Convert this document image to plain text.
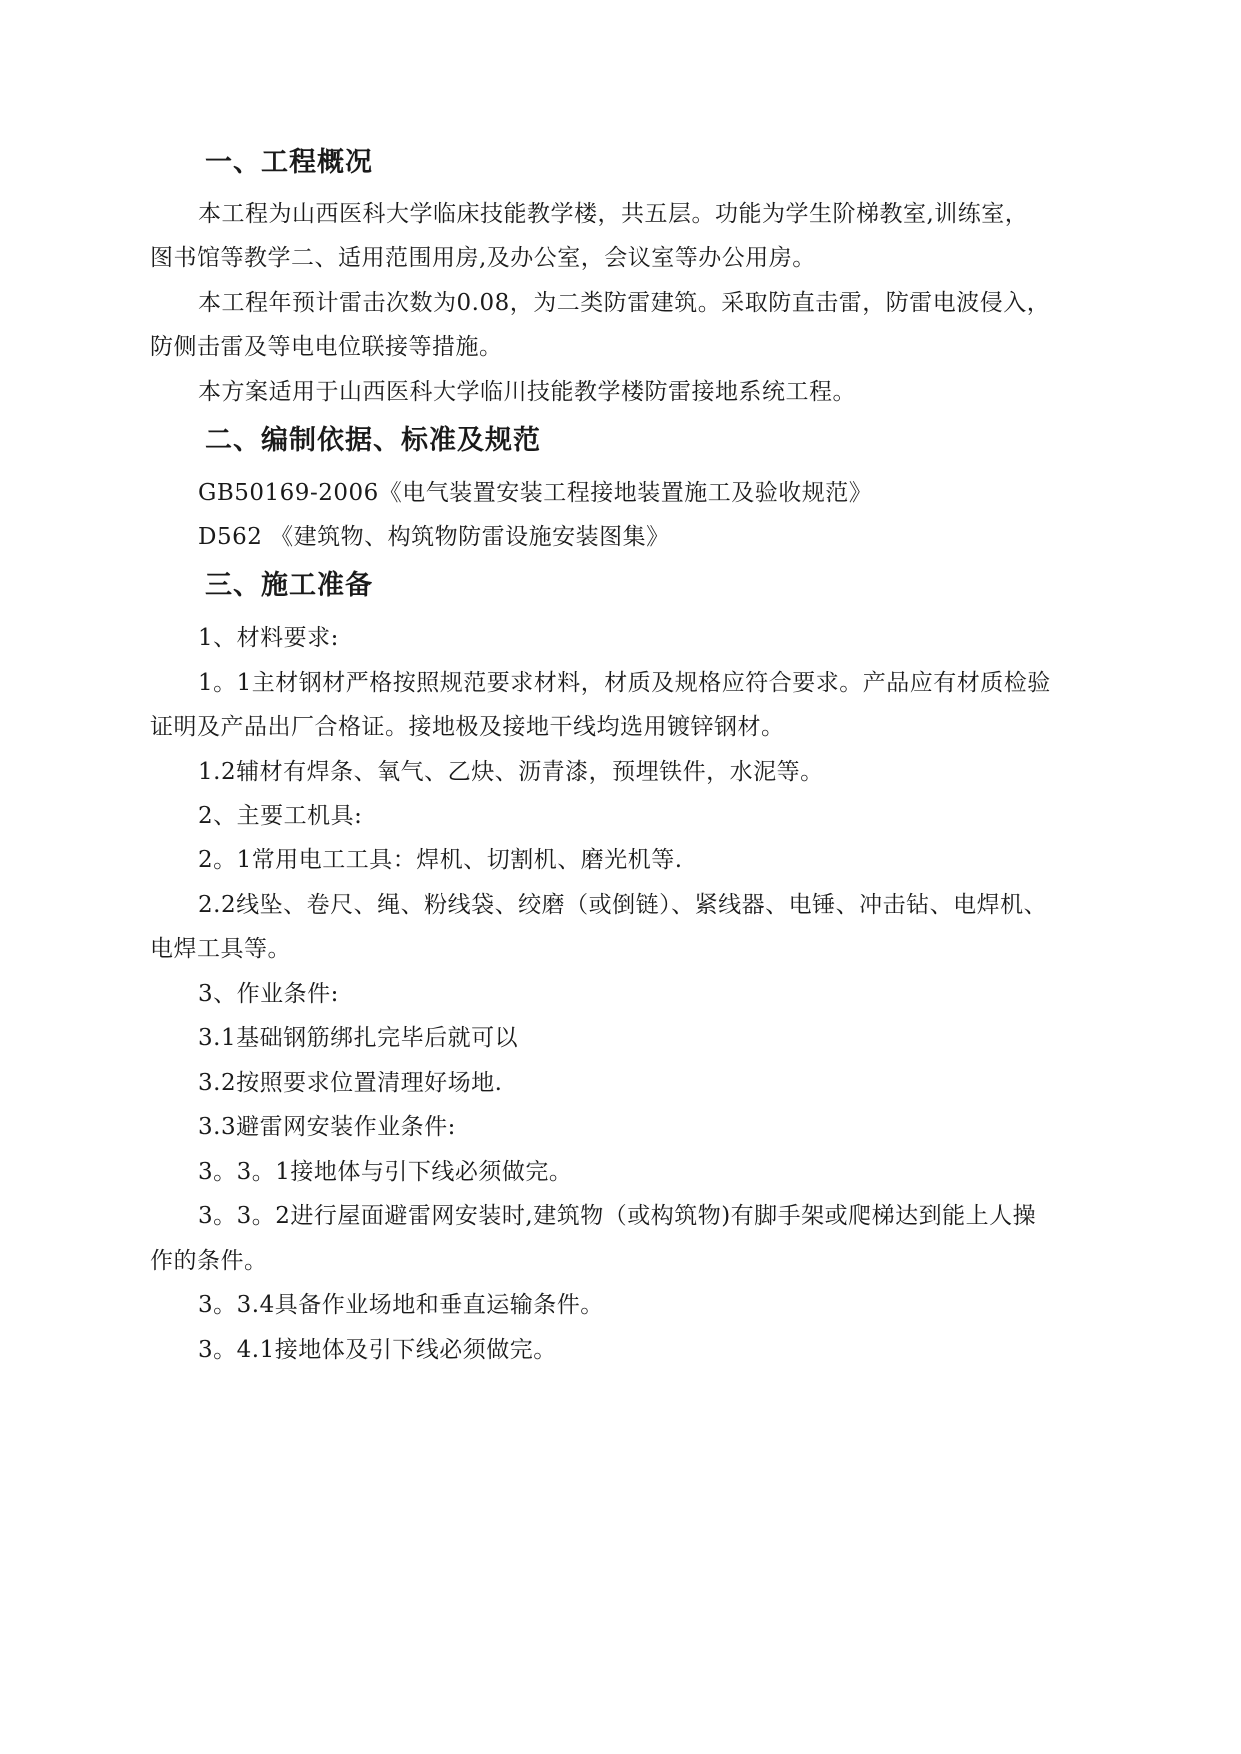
一、工程概况
本工程为山西医科大学临床技能教学楼，共五层。功能为学生阶梯教室,训练室，
图书馆等教学二、适用范围用房,及办公室，会议室等办公用房。
本工程年预计雷击次数为0.08，为二类防雷建筑。采取防直击雷，防雷电波侵入，
防侧击雷及等电电位联接等措施。
本方案适用于山西医科大学临川技能教学楼防雷接地系统工程。
二、编制依据、标准及规范
GB50169-2006《电气装置安装工程接地装置施工及验收规范》
D562 《建筑物、构筑物防雷设施安装图集》
三、施工准备
1、材料要求:
1。1主材钢材严格按照规范要求材料，材质及规格应符合要求。产品应有材质检验
证明及产品出厂合格证。接地极及接地干线均选用镀锌钢材。
1.2辅材有焊条、氧气、乙炔、沥青漆，预埋铁件，水泥等。
2、主要工机具:
2。1常用电工工具：焊机、切割机、磨光机等.
2.2线坠、卷尺、绳、粉线袋、绞磨（或倒链）、紧线器、电锤、冲击钻、电焊机、
电焊工具等。
3、作业条件:
3.1基础钢筋绑扎完毕后就可以
3.2按照要求位置清理好场地.
3.3避雷网安装作业条件:
3。3。1接地体与引下线必须做完。
3。3。2进行屋面避雷网安装时,建筑物（或构筑物)有脚手架或爬梯达到能上人操
作的条件。
3。3.4具备作业场地和垂直运输条件。
3。4.1接地体及引下线必须做完。
